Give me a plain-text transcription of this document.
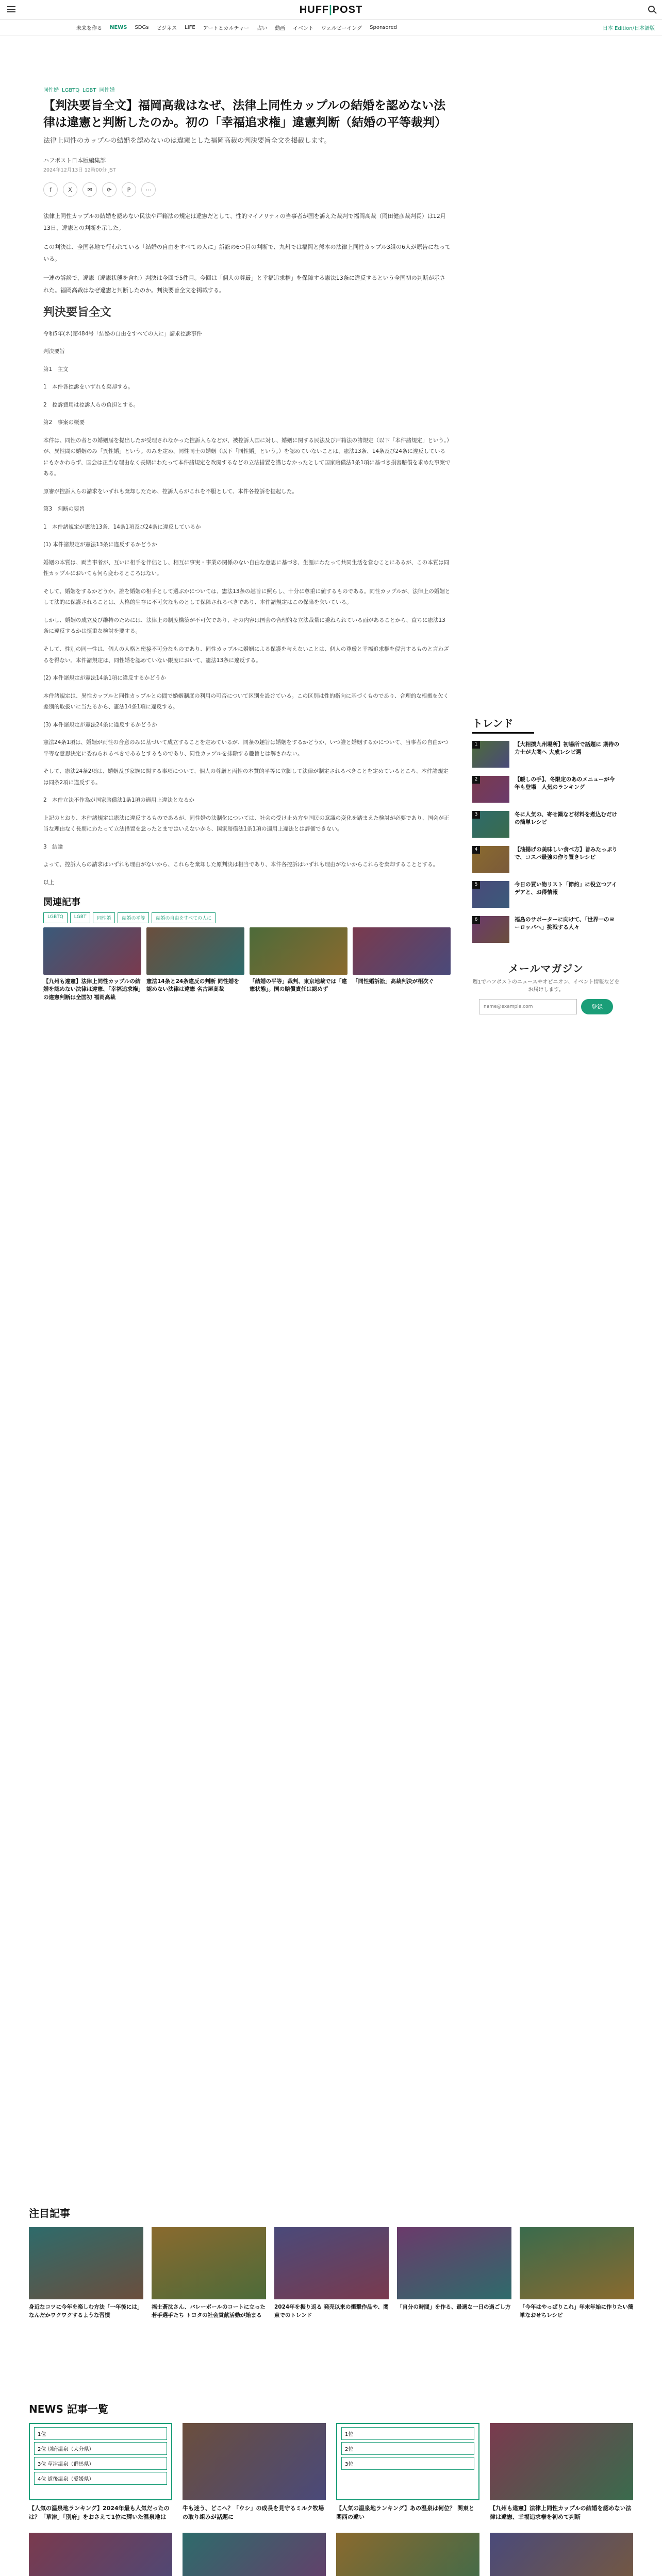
HUFF|POST
未来を作る NEWS SDGs ビジネス LIFE アートとカルチャー 占い 動画 イベント ウェルビーイング Sponsored	日本 Edition/日本語版
同性婚 LGBTQ LGBT 同性婚
【判決要旨全文】福岡高裁はなぜ、法律上同性カップルの結婚を認めない法律は違憲と判断したのか。初の「幸福追求権」違憲判断（結婚の平等裁判）

法律上同性のカップルの結婚を認めないのは違憲とした福岡高裁の判決要旨全文を掲載します。

ハフポスト日本版編集部
2024年12月13日 12時00分 JST
f	X	✉	⟳	P	⋯

法律上同性カップルの結婚を認めない民法や戸籍法の規定は違憲だとして、性的マイノリティの当事者が国を訴えた裁判で福岡高裁（岡田健彦裁判長）は12月13日、違憲との判断を示した。

この判決は、全国各地で行われている「結婚の自由をすべての人に」訴訟の6つ目の判断で、九州では福岡と熊本の法律上同性カップル3組の6人が原告になっている。

一連の訴訟で、違憲（違憲状態を含む）判決は今回で5件目。今回は「個人の尊厳」と幸福追求権」を保障する憲法13条に違反するという全国初の判断が示された。福岡高裁はなぜ違憲と判断したのか。判決要旨全文を掲載する。

判決要旨全文

令和5年(ネ)第484号「結婚の自由をすべての人に」請求控訴事件

判決要旨

第1　主文

1　本件各控訴をいずれも棄却する。

2　控訴費用は控訴人らの負担とする。

第2　事案の概要

本件は、同性の者との婚姻届を提出したが受理されなかった控訴人らなどが、被控訴人国に対し、婚姻に関する民法及び戸籍法の諸規定（以下「本件諸規定」という。）が、異性間の婚姻のみ「異性婚」という。のみを定め、同性同士の婚姻（以下「同性婚」という。）を認めていないことは、憲法13条、14条及び24条に違反しているにもかかわらず、国会は正当な理由なく長期にわたって本件諸規定を改廃するなどの立法措置を講じなかったとして国家賠償法1条1項に基づき損害賠償を求めた事案である。

原審が控訴人らの請求をいずれも棄却したため、控訴人らがこれを不服として、本件各控訴を提起した。

第3　判断の要旨

1　本件諸規定が憲法13条、14条1項及び24条に違反しているか

(1) 本件諸規定が憲法13条に違反するかどうか

婚姻の本質は、両当事者が、互いに相手を伴侶とし、相互に事実・事業の関係のない自由な意思に基づき、生涯にわたって共同生活を営むことにあるが、この本質は同性カップルにおいても何ら変わるところはない。

そして、婚姻をするかどうか、誰を婚姻の相手として選ぶかについては、憲法13条の趣旨に照らし、十分に尊重に値するものである。同性カップルが、法律上の婚姻として法的に保護されることは、人格的生存に不可欠なものとして保障されるべきであり、本件諸規定はこの保障を欠いている。

しかし、婚姻の成立及び維持のためには、法律上の制度構築が不可欠であり、その内容は国会の合理的な立法裁量に委ねられている面があることから、直ちに憲法13条に違反するかは慎重な検討を要する。

そして、性別の同一性は、個人の人格と密接不可分なものであり、同性カップルに婚姻による保護を与えないことは、個人の尊厳と幸福追求権を侵害するものと言わざるを得ない。本件諸規定は、同性婚を認めていない限度において、憲法13条に違反する。

(2) 本件諸規定が憲法14条1項に違反するかどうか

本件諸規定は、異性カップルと同性カップルとの間で婚姻制度の利用の可否について区別を設けている。この区別は性的指向に基づくものであり、合理的な根拠を欠く差別的取扱いに当たるから、憲法14条1項に違反する。

(3) 本件諸規定が憲法24条に違反するかどうか

憲法24条1項は、婚姻が両性の合意のみに基づいて成立することを定めているが、同条の趣旨は婚姻をするかどうか、いつ誰と婚姻するかについて、当事者の自由かつ平等な意思決定に委ねられるべきであるとするものであり、同性カップルを排除する趣旨とは解されない。

そして、憲法24条2項は、婚姻及び家族に関する事項について、個人の尊厳と両性の本質的平等に立脚して法律が制定されるべきことを定めているところ、本件諸規定は同条2項に違反する。

2　本件立法不作為が国家賠償法1条1項の適用上違法となるか

上記のとおり、本件諸規定は憲法に違反するものであるが、同性婚の法制化については、社会の受け止め方や国民の意識の変化を踏まえた検討が必要であり、国会が正当な理由なく長期にわたって立法措置を怠ったとまではいえないから、国家賠償法1条1項の適用上違法とは評価できない。

3　結論

よって、控訴人らの請求はいずれも理由がないから、これらを棄却した原判決は相当であり、本件各控訴はいずれも理由がないからこれらを棄却することとする。

以上

関連記事
LGBTQ	LGBT	同性婚	結婚の平等	結婚の自由をすべての人に
【九州も違憲】法律上同性カップルの結婚を認めない法律は違憲、「幸福追求権」の違憲判断は全国初 福岡高裁
憲法14条と24条違反の判断 同性婚を認めない法律は違憲 名古屋高裁
「結婚の平等」裁判、東京地裁では「違憲状態」。国の賠償責任は認めず
「同性婚訴訟」高裁判決が相次ぐ
トレンド
1	【大相撲九州場所】初場所で話題に 期待の力士が大関へ 大成レシピ選
2	【暖しの手】、冬限定のあのメニューが今年も登場　人気のランキング
3	冬に人気の、寄せ鍋など材料を煮込むだけの簡単レシピ
4	【油揚げの美味しい食べ方】旨みたっぷりで、コスパ最強の作り置きレシピ
5	今日の買い物リスト「節約」に役立つアイデアと、お得情報
6	福島のサポーターに向けて、「世界一のヨーロッパへ」挑戦する人々
メールマガジン

週1でハフポストのニュースやオピニオン、イベント情報などをお届けします。

name@example.com
登録
注目記事
身近なコツに今年を楽しむ方法「一年後には」なんだかワクワクするような習慣
福士蒼汰さん、バレーボールのコートに立った若手選手たち トヨタの社会貢献活動が始まる
2024年を振り返る 発売以来の衝撃作品や、関東でのトレンド
「自分の時間」を作る、最適な一日の過ごし方 「今年はやっぱりこれ」年末年始に作りたい簡単なおせちレシピ
NEWS 記事一覧
1位
2位 別府温泉（大分県）
3位 草津温泉（群馬県）
4位 道後温泉（愛媛県）
【人気の温泉地ランキング】2024年最も人気だったのは？「草津」「別府」をおさえて1位に輝いた温泉地は
牛も迷う、どこへ？「ウシ」の成長を見守るミルク牧場の取り組みが話題に
1位
2位
3位
【人気の温泉地ランキング】あの温泉は何位？ 関東と関西の違い
【九州も違憲】法律上同性カップルの結婚を認めない法律は違憲、幸福追求権を初めて判断
